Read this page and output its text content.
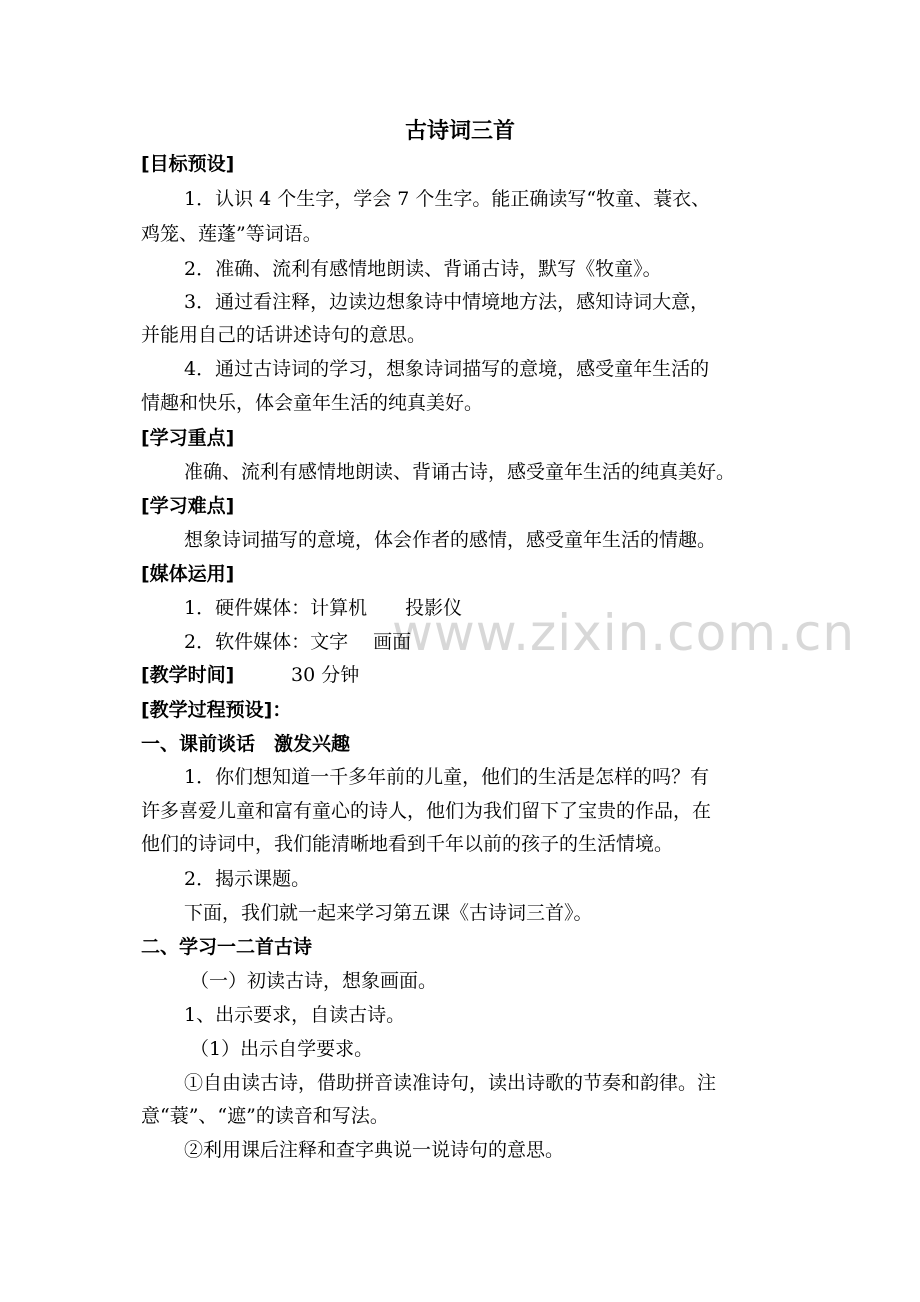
www.zixin.com.cn
古诗词三首
[目标预设]
1．认识 4 个生字，学会 7 个生字。能正确读写“牧童、蓑衣、
鸡笼、莲蓬”等词语。
2．准确、流利有感情地朗读、背诵古诗，默写《牧童》。
3．通过看注释，边读边想象诗中情境地方法，感知诗词大意，
并能用自己的话讲述诗句的意思。
4．通过古诗词的学习，想象诗词描写的意境，感受童年生活的
情趣和快乐，体会童年生活的纯真美好。
[学习重点]
准确、流利有感情地朗读、背诵古诗，感受童年生活的纯真美好。
[学习难点]
想象诗词描写的意境，体会作者的感情，感受童年生活的情趣。
[媒体运用]
1．硬件媒体：计算机　　投影仪
2．软件媒体：文字　 画面
[教学时间]	30 分钟
[教学过程预设]：
一、课前谈话　激发兴趣
1．你们想知道一千多年前的儿童，他们的生活是怎样的吗？有
许多喜爱儿童和富有童心的诗人，他们为我们留下了宝贵的作品，在
他们的诗词中，我们能清晰地看到千年以前的孩子的生活情境。
2．揭示课题。
下面，我们就一起来学习第五课《古诗词三首》。
二、学习一二首古诗
（一）初读古诗，想象画面。
1、出示要求，自读古诗。
（1）出示自学要求。
①自由读古诗，借助拼音读准诗句，读出诗歌的节奏和韵律。注
意“蓑”、“遮”的读音和写法。
②利用课后注释和查字典说一说诗句的意思。
